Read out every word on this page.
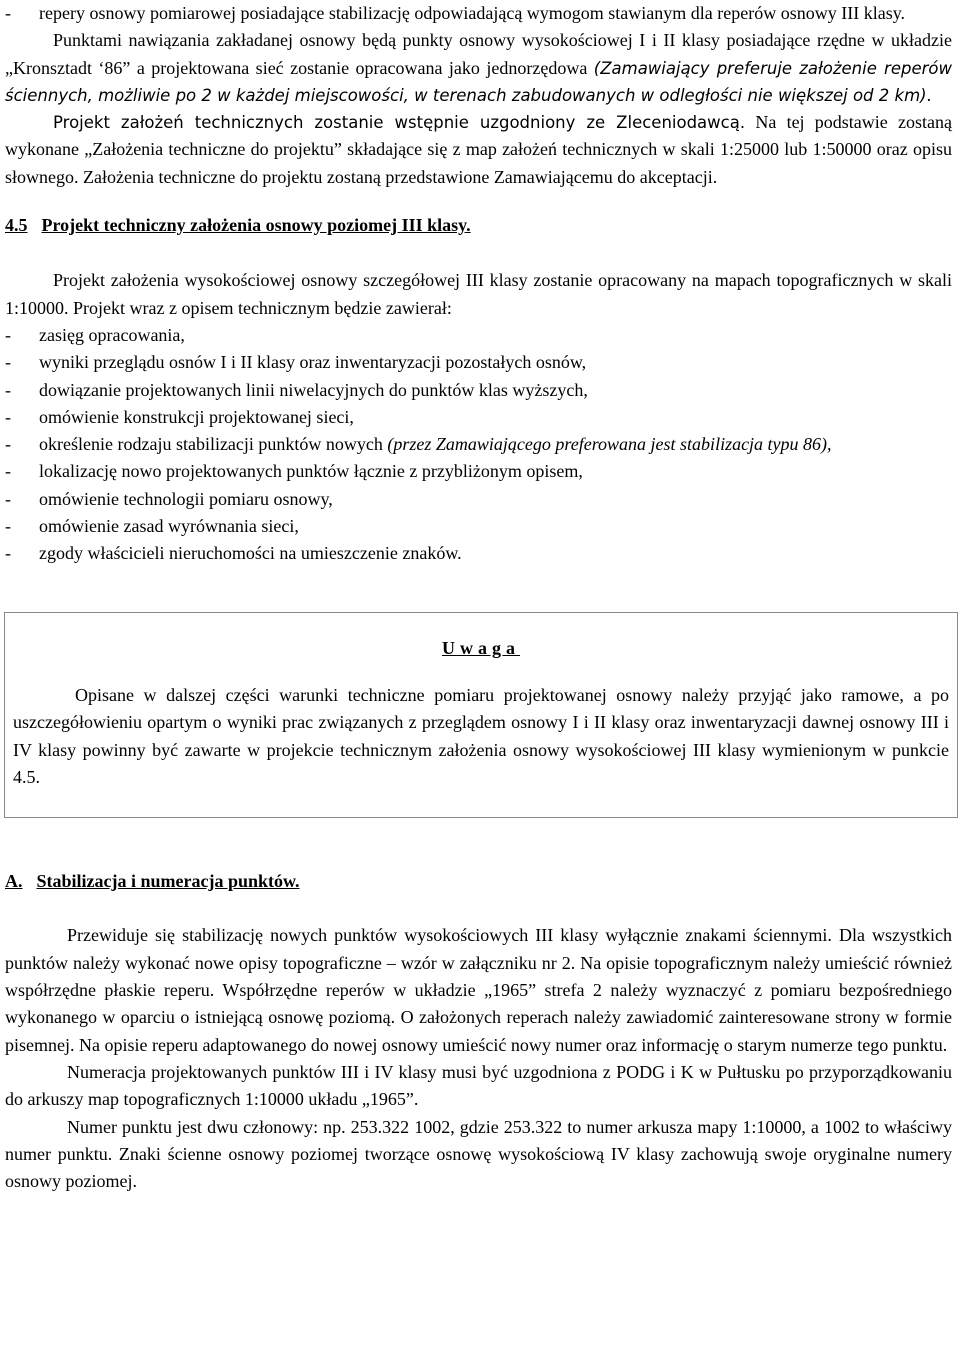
-	repery osnowy pomiarowej posiadające stabilizację odpowiadającą wymogom stawianym dla reperów osnowy III klasy.

Punktami nawiązania zakładanej osnowy będą punkty osnowy wysokościowej I i II klasy posiadające rzędne w układzie „Kronsztadt ‘86” a projektowana sieć zostanie opracowana jako jednorzędowa (Zamawiający preferuje założenie reperów ściennych, możliwie po 2 w każdej miejscowości, w terenach zabudowanych w odległości nie większej od 2 km).

Projekt założeń technicznych zostanie wstępnie uzgodniony ze Zleceniodawcą. Na tej podstawie zostaną wykonane „Założenia techniczne do projektu” składające się z map założeń technicznych w skali 1:25000 lub 1:50000 oraz opisu słownego. Założenia techniczne do projektu zostaną przedstawione Zamawiającemu do akceptacji.

4.5 Projekt techniczny założenia osnowy poziomej III klasy.

Projekt założenia wysokościowej osnowy szczegółowej III klasy zostanie opracowany na mapach topograficznych w skali 1:10000. Projekt wraz z opisem technicznym będzie zawierał:

-	zasięg opracowania,
-	wyniki przeglądu osnów I i II klasy oraz inwentaryzacji pozostałych osnów,
-	dowiązanie projektowanych linii niwelacyjnych do punktów klas wyższych,
-	omówienie konstrukcji projektowanej sieci,
-	określenie rodzaju stabilizacji punktów nowych (przez Zamawiającego preferowana jest stabilizacja typu 86),
-	lokalizację nowo projektowanych punktów łącznie z przybliżonym opisem,
-	omówienie technologii pomiaru osnowy,
-	omówienie zasad wyrównania sieci,
-	zgody właścicieli nieruchomości na umieszczenie znaków.
Uwaga

Opisane w dalszej części warunki techniczne pomiaru projektowanej osnowy należy przyjąć jako ramowe, a po uszczegółowieniu opartym o wyniki prac związanych z przeglądem osnowy I i II klasy oraz inwentaryzacji dawnej osnowy III i IV klasy powinny być zawarte w projekcie technicznym założenia osnowy wysokościowej III klasy wymienionym w punkcie 4.5.

A. Stabilizacja i numeracja punktów.

Przewiduje się stabilizację nowych punktów wysokościowych III klasy wyłącznie znakami ściennymi. Dla wszystkich punktów należy wykonać nowe opisy topograficzne – wzór w załączniku nr 2. Na opisie topograficznym należy umieścić również współrzędne płaskie reperu. Współrzędne reperów w układzie „1965” strefa 2 należy wyznaczyć z pomiaru bezpośredniego wykonanego w oparciu o istniejącą osnowę poziomą. O założonych reperach należy zawiadomić zainteresowane strony w formie pisemnej. Na opisie reperu adaptowanego do nowej osnowy umieścić nowy numer oraz informację o starym numerze tego punktu.

Numeracja projektowanych punktów III i IV klasy musi być uzgodniona z PODG i K w Pułtusku po przyporządkowaniu do arkuszy map topograficznych 1:10000 układu „1965”.

Numer punktu jest dwu członowy: np. 253.322 1002, gdzie 253.322 to numer arkusza mapy 1:10000, a 1002 to właściwy numer punktu. Znaki ścienne osnowy poziomej tworzące osnowę wysokościową IV klasy zachowują swoje oryginalne numery osnowy poziomej.
